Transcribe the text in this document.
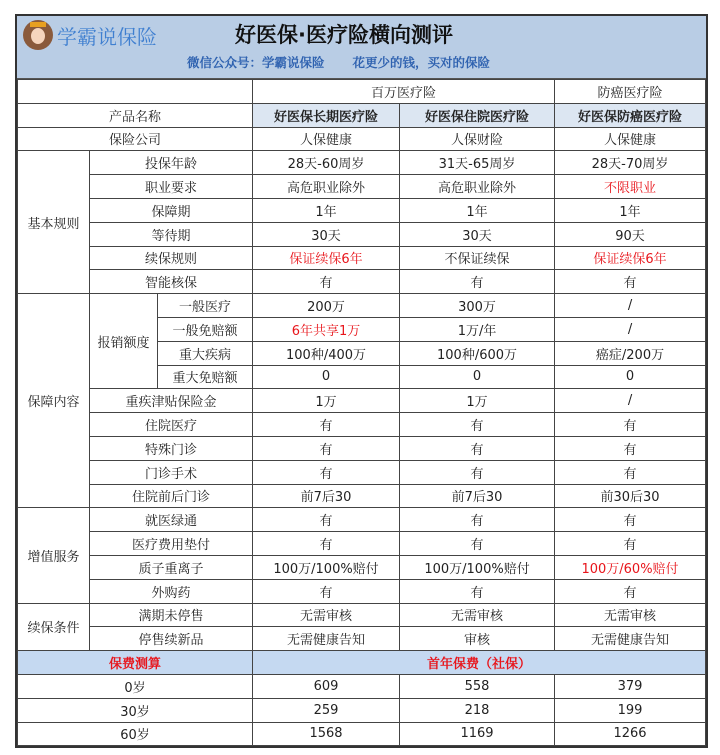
学霸说保险	好医保·医疗险横向测评
微信公众号：学霸说保险 花更少的钱，买对的保险
			百万医疗险		防癌医疗险
产品名称			好医保长期医疗险	好医保住院医疗险	好医保防癌医疗险
保险公司			人保健康	人保财险	人保健康
基本规则	投保年龄		28天-60周岁	31天-65周岁	28天-70周岁
	职业要求		高危职业除外	高危职业除外	不限职业
	保障期		1年	1年	1年
	等待期		30天	30天	90天
	续保规则		保证续保6年	不保证续保	保证续保6年
	智能核保		有	有	有
保障内容	报销额度	一般医疗	200万	300万	/
		一般免赔额	6年共享1万	1万/年	/
		重大疾病	100种/400万	100种/600万	癌症/200万
		重大免赔额	0	0	0
	重疾津贴保险金		1万	1万	/
	住院医疗		有	有	有
	特殊门诊		有	有	有
	门诊手术		有	有	有
	住院前后门诊		前7后30	前7后30	前30后30
增值服务	就医绿通		有	有	有
	医疗费用垫付		有	有	有
	质子重离子		100万/100%赔付	100万/100%赔付	100万/60%赔付
	外购药		有	有	有
续保条件	满期未停售		无需审核	无需审核	无需审核
	停售续新品		无需健康告知	审核	无需健康告知
保费测算			首年保费（社保）		
0岁			609	558	379
30岁			259	218	199
60岁			1568	1169	1266
